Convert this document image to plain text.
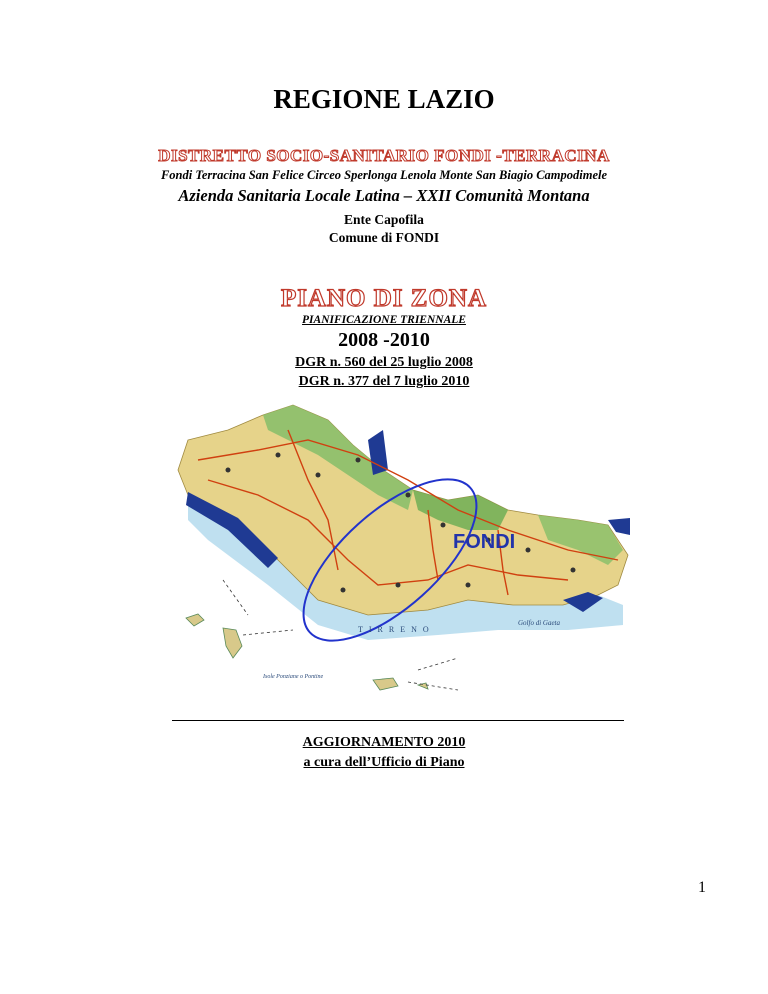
REGIONE LAZIO
DISTRETTO SOCIO-SANITARIO FONDI -TERRACINA
Fondi Terracina San Felice Circeo Sperlonga Lenola Monte San Biagio Campodimele
Azienda Sanitaria Locale Latina – XXII Comunità Montana
Ente Capofila
Comune di FONDI
PIANO DI ZONA
PIANIFICAZIONE TRIENNALE
2008 -2010
DGR n. 560 del 25 luglio 2008
DGR n. 377 del 7 luglio 2010
FONDI
TIRRENO
Golfo di Gaeta
Isole Ponziane o Pontine
AGGIORNAMENTO 2010
a cura dell’Ufficio di Piano
1
